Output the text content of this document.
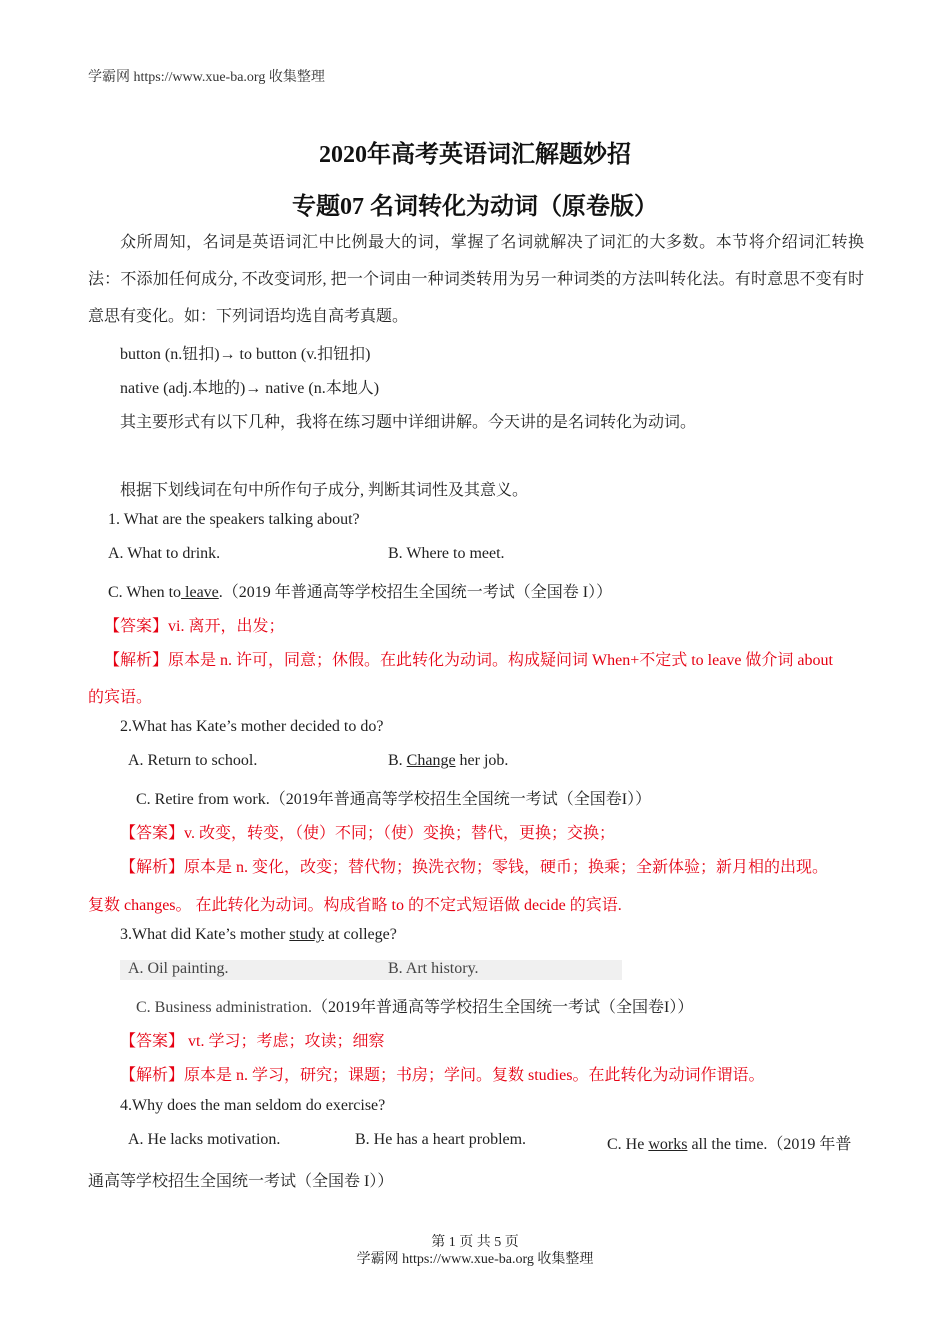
学霸网 https://www.xue-ba.org 收集整理
2020年高考英语词汇解题妙招
专题07 名词转化为动词（原卷版）
众所周知，名词是英语词汇中比例最大的词，掌握了名词就解决了词汇的大多数。本节将介绍词汇转换法：不添加任何成分, 不改变词形, 把一个词由一种词类转用为另一种词类的方法叫转化法。有时意思不变有时意思有变化。如：下列词语均选自高考真题。
button (n.钮扣)→ to button (v.扣钮扣)
native (adj.本地的)→ native (n.本地人)
其主要形式有以下几种，我将在练习题中详细讲解。今天讲的是名词转化为动词。
根据下划线词在句中所作句子成分, 判断其词性及其意义。
1. What are the speakers talking about?
A. What to drink.	B. Where to meet.
C. When to leave.（2019 年普通高等学校招生全国统一考试（全国卷 I））
【答案】vi. 离开，出发；
【解析】原本是 n. 许可，同意；休假。在此转化为动词。构成疑问词 When+不定式 to leave 做介词 about
的宾语。
2.What has Kate’s mother decided to do?
A. Return to school.	B. Change her job.
C. Retire from work.（2019年普通高等学校招生全国统一考试（全国卷I））
【答案】v. 改变，转变，（使）不同；（使）变换；替代，更换；交换；
【解析】原本是 n. 变化，改变；替代物；换洗衣物；零钱，硬币；换乘；全新体验；新月相的出现。
复数 changes。 在此转化为动词。构成省略 to 的不定式短语做 decide 的宾语.
3.What did Kate’s mother study at college?
A. Oil painting.	B. Art history.
C. Business administration.（2019年普通高等学校招生全国统一考试（全国卷I））
【答案】 vt. 学习；考虑；攻读；细察
【解析】原本是 n. 学习，研究；课题；书房；学问。复数 studies。在此转化为动词作谓语。
4.Why does the man seldom do exercise?
A. He lacks motivation.	B. He has a heart problem.	C. He works all the time.（2019 年普
通高等学校招生全国统一考试（全国卷 I））
第 1 页 共 5 页
学霸网 https://www.xue-ba.org 收集整理
